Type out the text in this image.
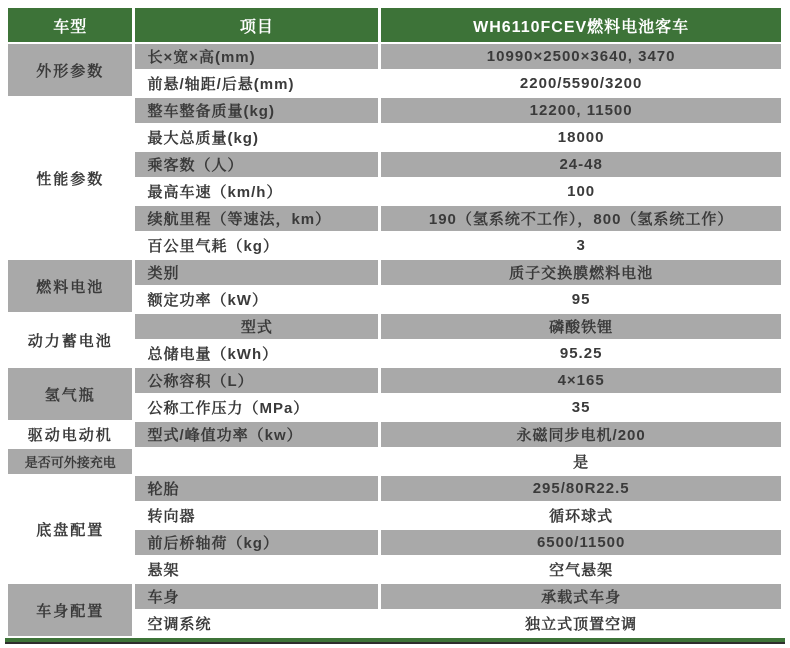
车型	项目	WH6110FCEV燃料电池客车
外形参数	长×宽×高(mm)	10990×2500×3640, 3470
	前悬/轴距/后悬(mm)	2200/5590/3200
性能参数	整车整备质量(kg)	12200, 11500
	最大总质量(kg)	18000
	乘客数（人）	24-48
	最高车速（km/h）	100
	续航里程（等速法，km）	190（氢系统不工作），800（氢系统工作）
	百公里气耗（kg）	3
燃料电池	类别	质子交换膜燃料电池
	额定功率（kW）	95
动力蓄电池	型式	磷酸铁锂
	总储电量（kWh）	95.25
氢气瓶	公称容积（L）	4×165
	公称工作压力（MPa）	35
驱动电动机	型式/峰值功率（kw）	永磁同步电机/200
是否可外接充电		是
底盘配置	轮胎	295/80R22.5
	转向器	循环球式
	前后桥轴荷（kg）	6500/11500
	悬架	空气悬架
车身配置	车身	承载式车身
	空调系统	独立式顶置空调
